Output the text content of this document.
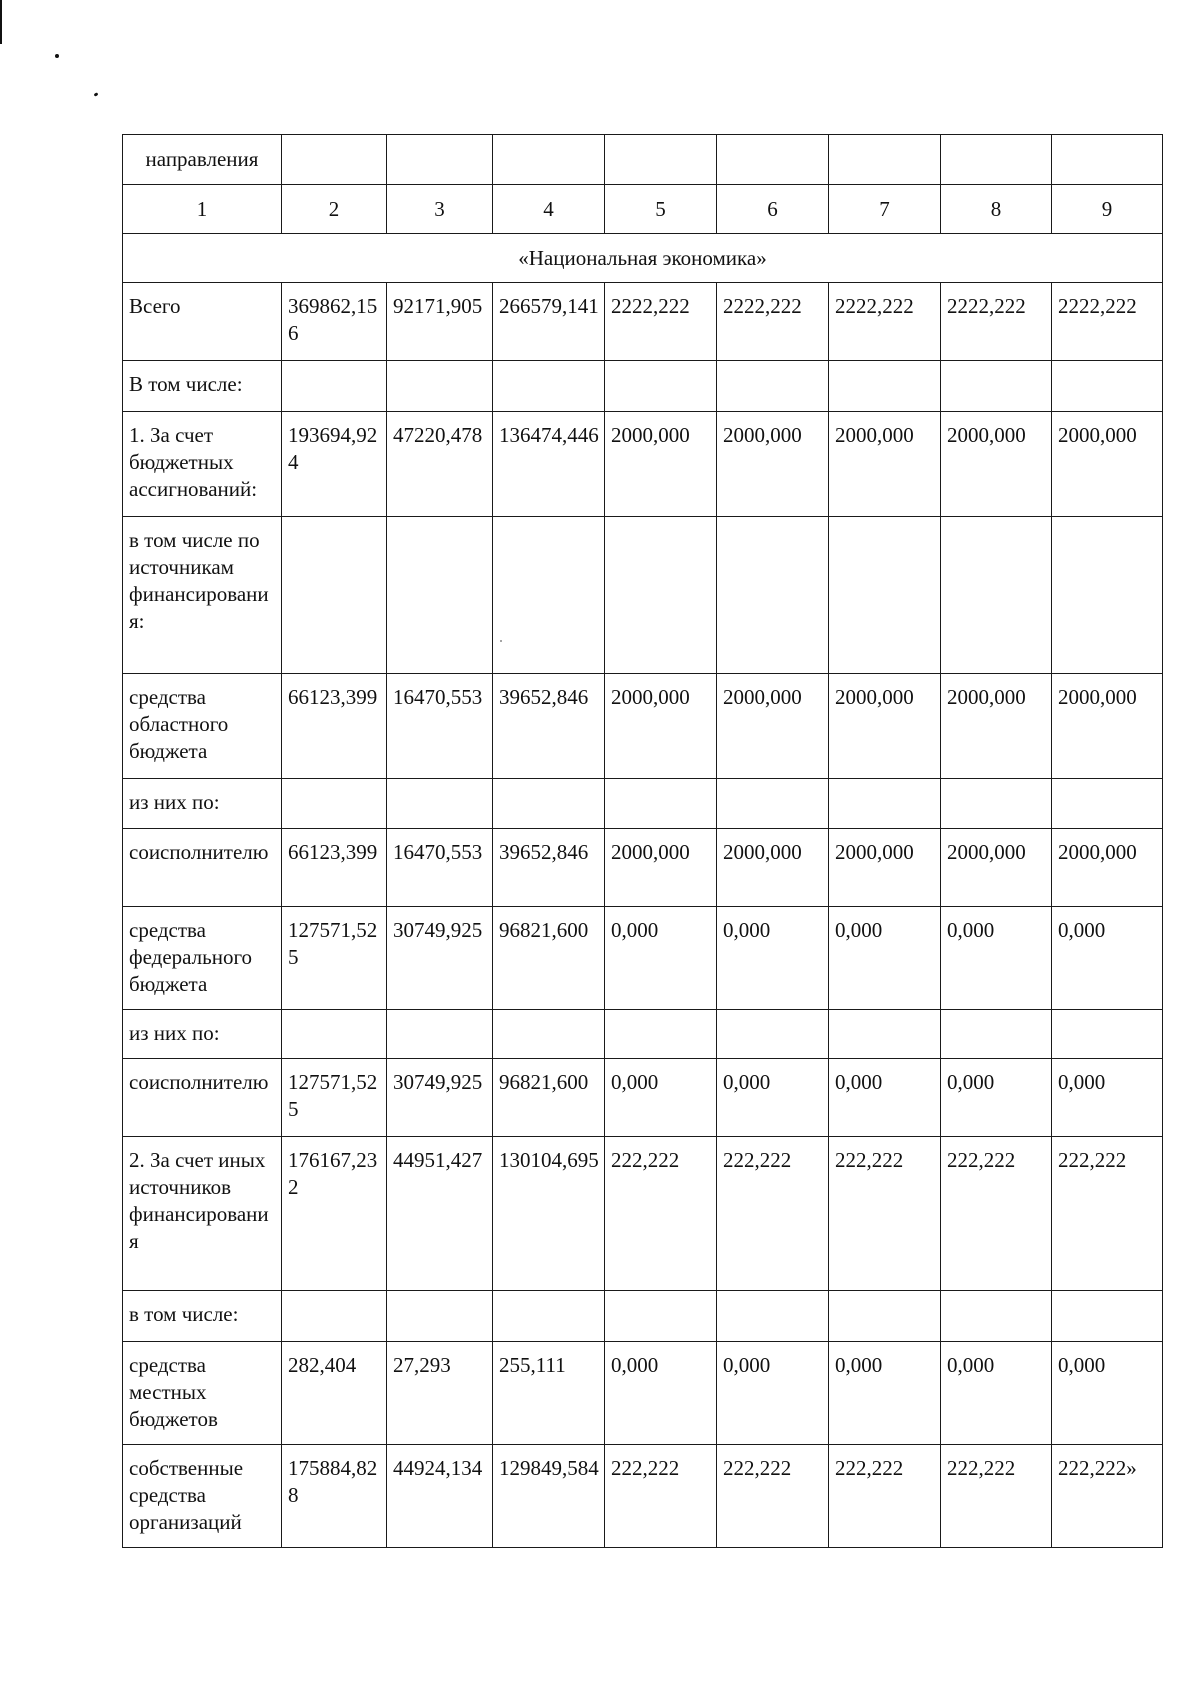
направления								
1	2	3	4	5	6	7	8	9
«Национальная экономика»								
Всего	369862,156	92171,905	266579,141	2222,222	2222,222	2222,222	2222,222	2222,222
В том числе:								
1. За счет бюджетных ассигнований:	193694,924	47220,478	136474,446	2000,000	2000,000	2000,000	2000,000	2000,000
в том числе по источникам финансирования:								
средства областного бюджета	66123,399	16470,553	39652,846	2000,000	2000,000	2000,000	2000,000	2000,000
из них по:								
соисполнителю	66123,399	16470,553	39652,846	2000,000	2000,000	2000,000	2000,000	2000,000
средства федерального бюджета	127571,525	30749,925	96821,600	0,000	0,000	0,000	0,000	0,000
из них по:								
соисполнителю	127571,525	30749,925	96821,600	0,000	0,000	0,000	0,000	0,000
2. За счет иных источников финансирования	176167,232	44951,427	130104,695	222,222	222,222	222,222	222,222	222,222
в том числе:								
средства местных бюджетов	282,404	27,293	255,111	0,000	0,000	0,000	0,000	0,000
собственные средства организаций	175884,828	44924,134	129849,584	222,222	222,222	222,222	222,222	222,222»
